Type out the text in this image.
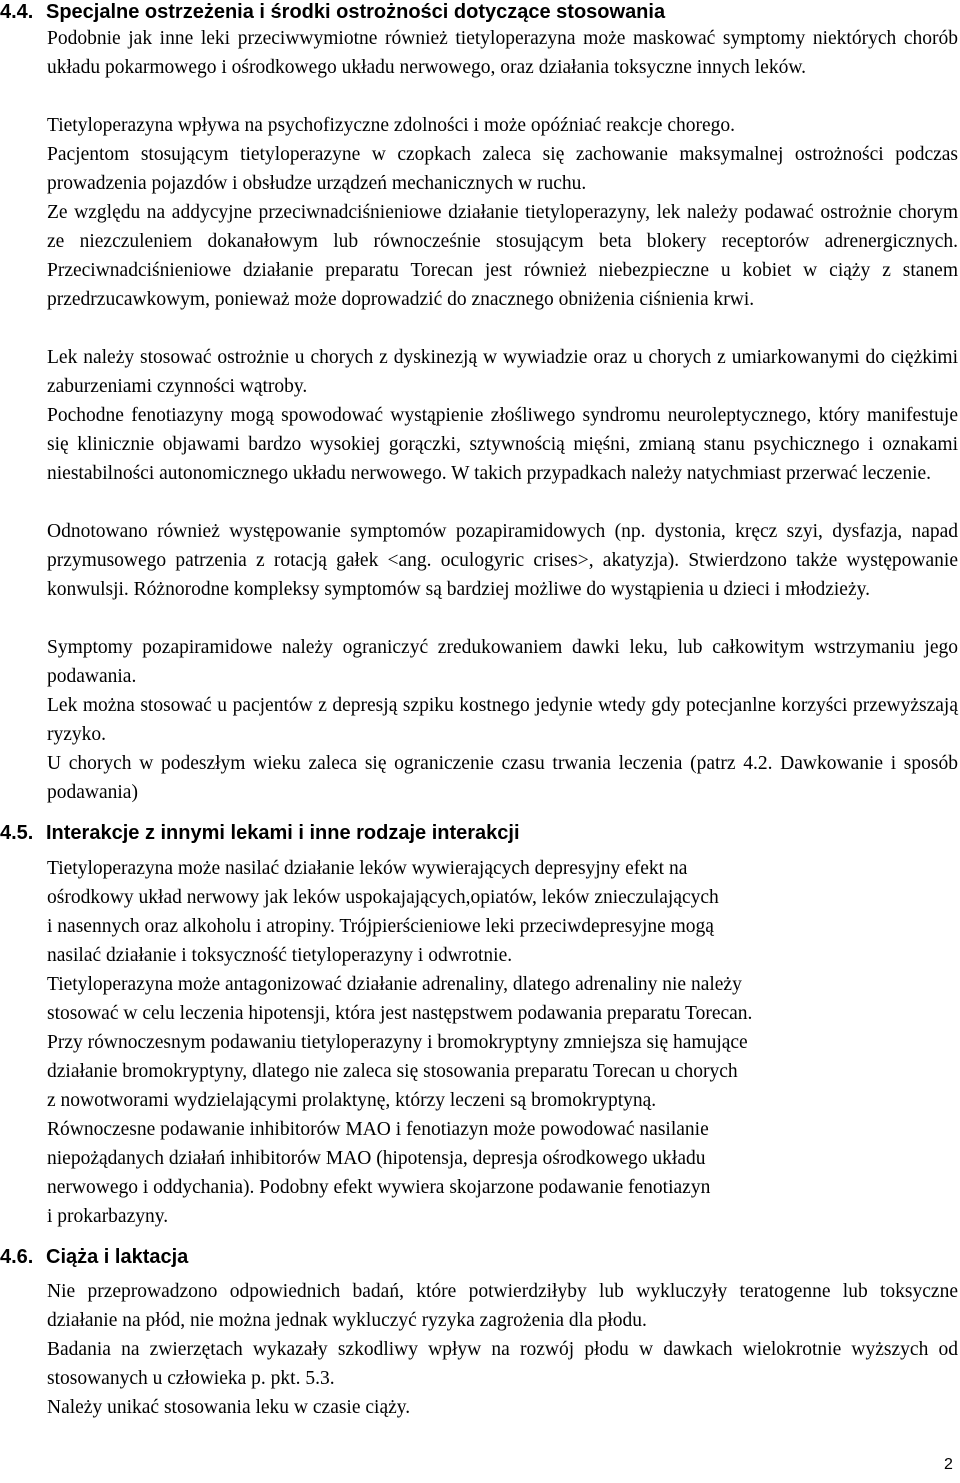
4.4. Specjalne ostrzeżenia i środki ostrożności dotyczące stosowania

Podobnie jak inne leki przeciwwymiotne również tietyloperazyna może maskować symptomy niektórych chorób układu pokarmowego i ośrodkowego układu nerwowego, oraz działania toksyczne innych leków.

Tietyloperazyna wpływa na psychofizyczne zdolności i może opóźniać reakcje chorego.

Pacjentom stosującym tietyloperazyne w czopkach zaleca się zachowanie maksymalnej ostrożności podczas prowadzenia pojazdów i obsłudze urządzeń mechanicznych w ruchu.

Ze względu na addycyjne przeciwnadciśnieniowe działanie tietyloperazyny, lek należy podawać ostrożnie chorym ze niezczuleniem dokanałowym lub równocześnie stosującym beta blokery receptorów adrenergicznych. Przeciwnadciśnieniowe działanie preparatu Torecan jest również niebezpieczne u kobiet w ciąży z stanem przedrzucawkowym, ponieważ może doprowadzić do znacznego obniżenia ciśnienia krwi.

Lek należy stosować ostrożnie u chorych z dyskinezją w wywiadzie oraz u chorych z umiarkowanymi do ciężkimi zaburzeniami czynności wątroby.

Pochodne fenotiazyny mogą spowodować wystąpienie złośliwego syndromu neuroleptycznego, który manifestuje się klinicznie objawami bardzo wysokiej gorączki, sztywnością mięśni, zmianą stanu psychicznego i oznakami niestabilności autonomicznego układu nerwowego. W takich przypadkach należy natychmiast przerwać leczenie.

Odnotowano również występowanie symptomów pozapiramidowych (np. dystonia, kręcz szyi, dysfazja, napad przymusowego patrzenia z rotacją gałek <ang. oculogyric crises>, akatyzja). Stwierdzono także występowanie konwulsji. Różnorodne kompleksy symptomów są bardziej możliwe do wystąpienia u dzieci i młodzieży.

Symptomy pozapiramidowe należy ograniczyć zredukowaniem dawki leku, lub całkowitym wstrzymaniu jego podawania.

Lek można stosować u pacjentów z depresją szpiku kostnego jedynie wtedy gdy potecjanlne korzyści przewyższają ryzyko.

U chorych w podeszłym wieku zaleca się ograniczenie czasu trwania leczenia (patrz 4.2. Dawkowanie i sposób podawania)

4.5. Interakcje z innymi lekami i inne rodzaje interakcji

Tietyloperazyna może nasilać działanie leków wywierających depresyjny efekt na

ośrodkowy układ nerwowy jak leków uspokajających,opiatów, leków znieczulających

i nasennych oraz alkoholu i atropiny. Trójpierścieniowe leki przeciwdepresyjne mogą

nasilać działanie i toksyczność tietyloperazyny i odwrotnie.

Tietyloperazyna może antagonizować działanie adrenaliny, dlatego adrenaliny nie należy

stosować w celu leczenia hipotensji, która jest następstwem podawania preparatu Torecan.

Przy równoczesnym podawaniu tietyloperazyny i bromokryptyny zmniejsza się hamujące

działanie bromokryptyny, dlatego nie zaleca się stosowania preparatu Torecan u chorych

z nowotworami wydzielającymi prolaktynę, którzy leczeni są bromokryptyną.

Równoczesne podawanie inhibitorów MAO i fenotiazyn może powodować nasilanie

niepożądanych działań inhibitorów MAO (hipotensja, depresja ośrodkowego układu

nerwowego i oddychania). Podobny efekt wywiera skojarzone podawanie fenotiazyn

i prokarbazyny.

4.6. Ciąża i laktacja

Nie przeprowadzono odpowiednich badań, które potwierdziłyby lub wykluczyły teratogenne lub toksyczne działanie na płód, nie można jednak wykluczyć ryzyka zagrożenia dla płodu.

Badania na zwierzętach wykazały szkodliwy wpływ na rozwój płodu w dawkach wielokrotnie wyższych od stosowanych u człowieka p. pkt. 5.3.

Należy unikać stosowania leku w czasie ciąży.

2
